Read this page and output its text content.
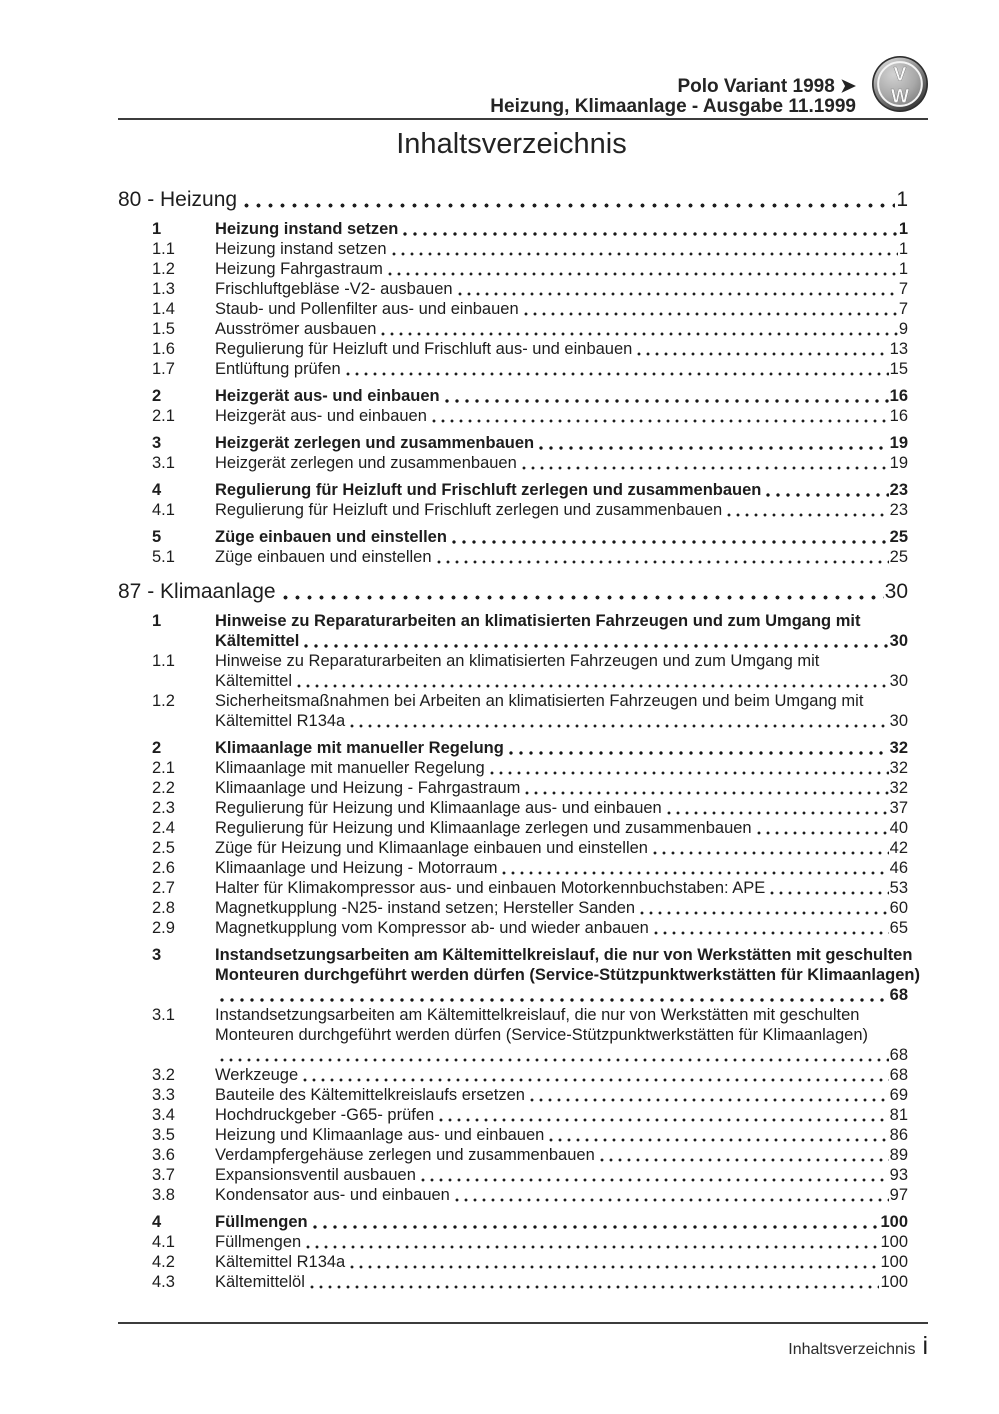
Polo Variant 1998 ➤
Heizung, Klimaanlage - Ausgabe 11.1999
V
W
Inhaltsverzeichnis
80 - Heizung	1
1	Heizung instand setzen	1
1.1	Heizung instand setzen	1
1.2	Heizung Fahrgastraum	1
1.3	Frischluftgebläse -V2- ausbauen	7
1.4	Staub- und Pollenfilter aus- und einbauen	7
1.5	Ausströmer ausbauen	9
1.6	Regulierung für Heizluft und Frischluft aus- und einbauen	13
1.7	Entlüftung prüfen	15
2	Heizgerät aus- und einbauen	16
2.1	Heizgerät aus- und einbauen	16
3	Heizgerät zerlegen und zusammenbauen	19
3.1	Heizgerät zerlegen und zusammenbauen	19
4	Regulierung für Heizluft und Frischluft zerlegen und zusammenbauen	23
4.1	Regulierung für Heizluft und Frischluft zerlegen und zusammenbauen	23
5	Züge einbauen und einstellen	25
5.1	Züge einbauen und einstellen	25
87 - Klimaanlage	30
1	Hinweise zu Reparaturarbeiten an klimatisierten Fahrzeugen und zum Umgang mit
Kältemittel	30
1.1	Hinweise zu Reparaturarbeiten an klimatisierten Fahrzeugen und zum Umgang mit
Kältemittel	30
1.2	Sicherheitsmaßnahmen bei Arbeiten an klimatisierten Fahrzeugen und beim Umgang mit
Kältemittel R134a	30
2	Klimaanlage mit manueller Regelung	32
2.1	Klimaanlage mit manueller Regelung	32
2.2	Klimaanlage und Heizung - Fahrgastraum	32
2.3	Regulierung für Heizung und Klimaanlage aus- und einbauen	37
2.4	Regulierung für Heizung und Klimaanlage zerlegen und zusammenbauen	40
2.5	Züge für Heizung und Klimaanlage einbauen und einstellen	42
2.6	Klimaanlage und Heizung - Motorraum	46
2.7	Halter für Klimakompressor aus- und einbauen Motorkennbuchstaben: APE	53
2.8	Magnetkupplung -N25- instand setzen; Hersteller Sanden	60
2.9	Magnetkupplung vom Kompressor ab- und wieder anbauen	65
3	Instandsetzungsarbeiten am Kältemittelkreislauf, die nur von Werkstätten mit geschulten
Monteuren durchgeführt werden dürfen (Service-Stützpunktwerkstätten für Klimaanlagen)
68
3.1	Instandsetzungsarbeiten am Kältemittelkreislauf, die nur von Werkstätten mit geschulten
Monteuren durchgeführt werden dürfen (Service-Stützpunktwerkstätten für Klimaanlagen)
68
3.2	Werkzeuge	68
3.3	Bauteile des Kältemittelkreislaufs ersetzen	69
3.4	Hochdruckgeber -G65- prüfen	81
3.5	Heizung und Klimaanlage aus- und einbauen	86
3.6	Verdampfergehäuse zerlegen und zusammenbauen	89
3.7	Expansionsventil ausbauen	93
3.8	Kondensator aus- und einbauen	97
4	Füllmengen	100
4.1	Füllmengen	100
4.2	Kältemittel R134a	100
4.3	Kältemittelöl	100
Inhaltsverzeichnis i
